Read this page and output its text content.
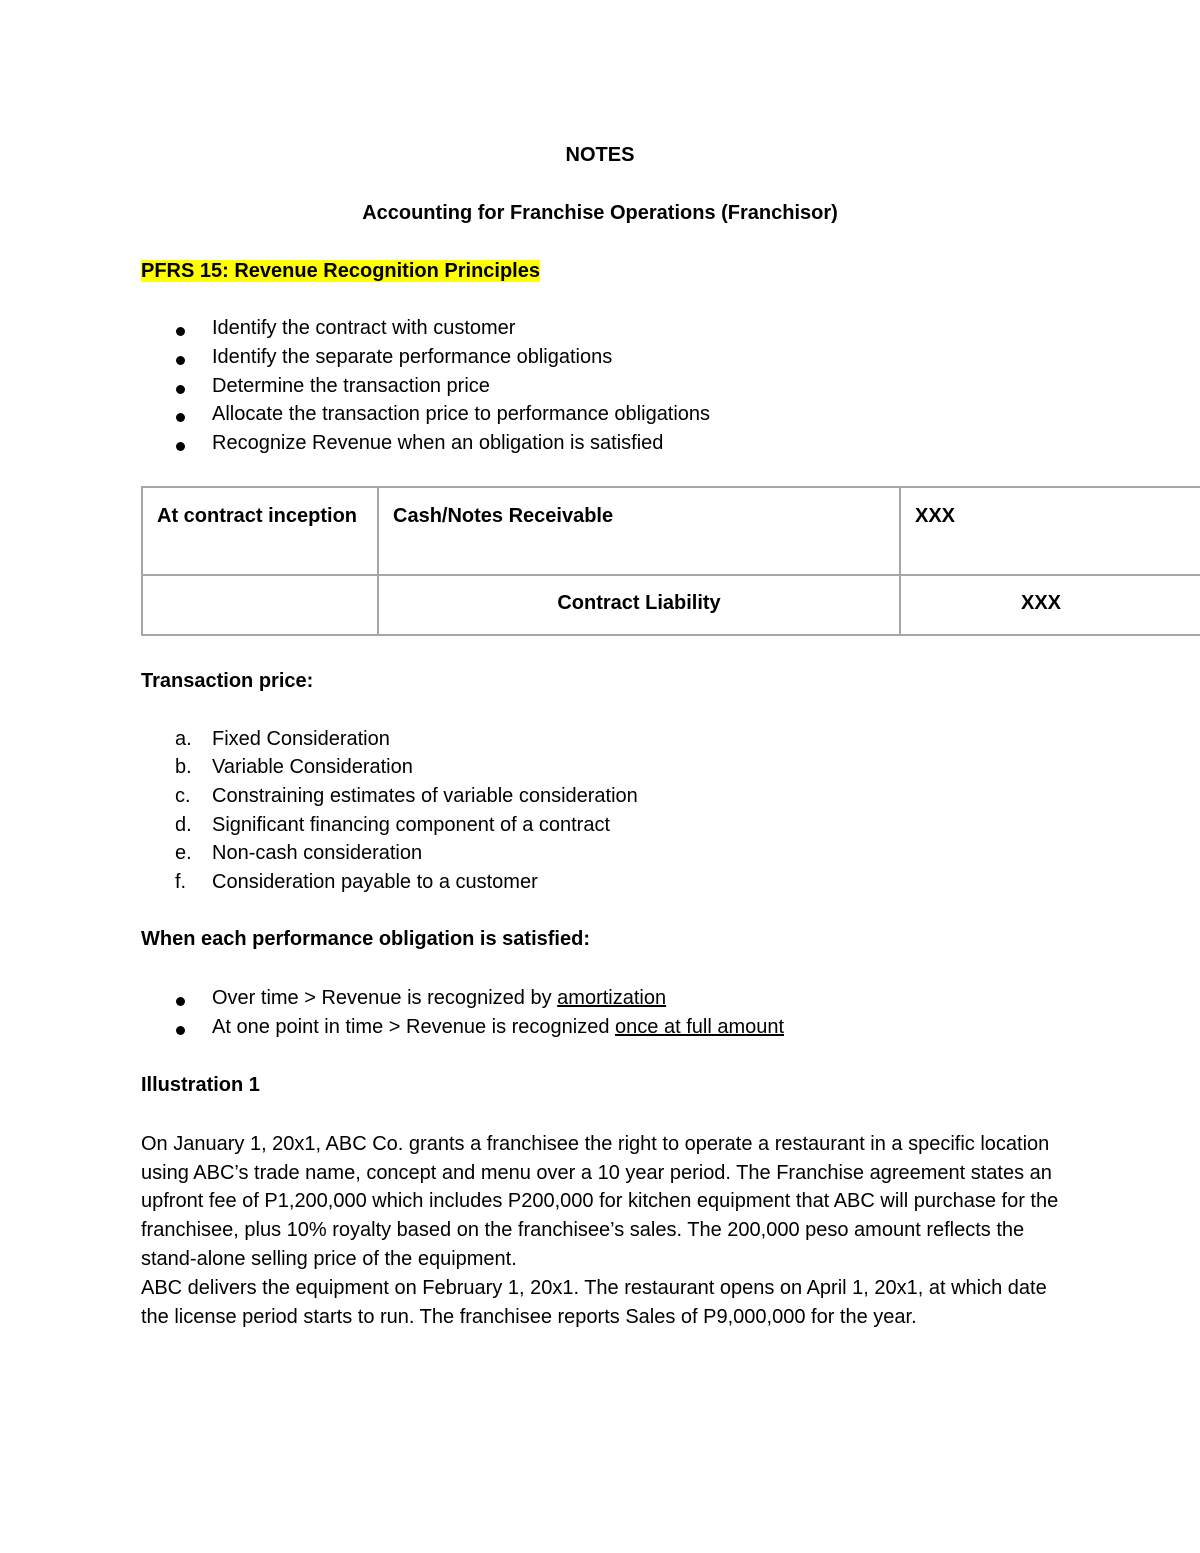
NOTES
Accounting for Franchise Operations (Franchisor)
PFRS 15: Revenue Recognition Principles
Identify the contract with customer
Identify the separate performance obligations
Determine the transaction price
Allocate the transaction price to performance obligations
Recognize Revenue when an obligation is satisfied
At contract inception	Cash/Notes Receivable	XXX

	Contract Liability	XXX
Transaction price:
a. Fixed Consideration
b. Variable Consideration
c. Constraining estimates of variable consideration
d. Significant financing component of a contract
e. Non-cash consideration
f. Consideration payable to a customer
When each performance obligation is satisfied:
Over time > Revenue is recognized by amortization
At one point in time > Revenue is recognized once at full amount
Illustration 1
On January 1, 20x1, ABC Co. grants a franchisee the right to operate a restaurant in a specific location using ABC’s trade name, concept and menu over a 10 year period. The Franchise agreement states an upfront fee of P1,200,000 which includes P200,000 for kitchen equipment that ABC will purchase for the franchisee, plus 10% royalty based on the franchisee’s sales. The 200,000 peso amount reflects the stand-alone selling price of the equipment.
ABC delivers the equipment on February 1, 20x1. The restaurant opens on April 1, 20x1, at which date the license period starts to run. The franchisee reports Sales of P9,000,000 for the year.
